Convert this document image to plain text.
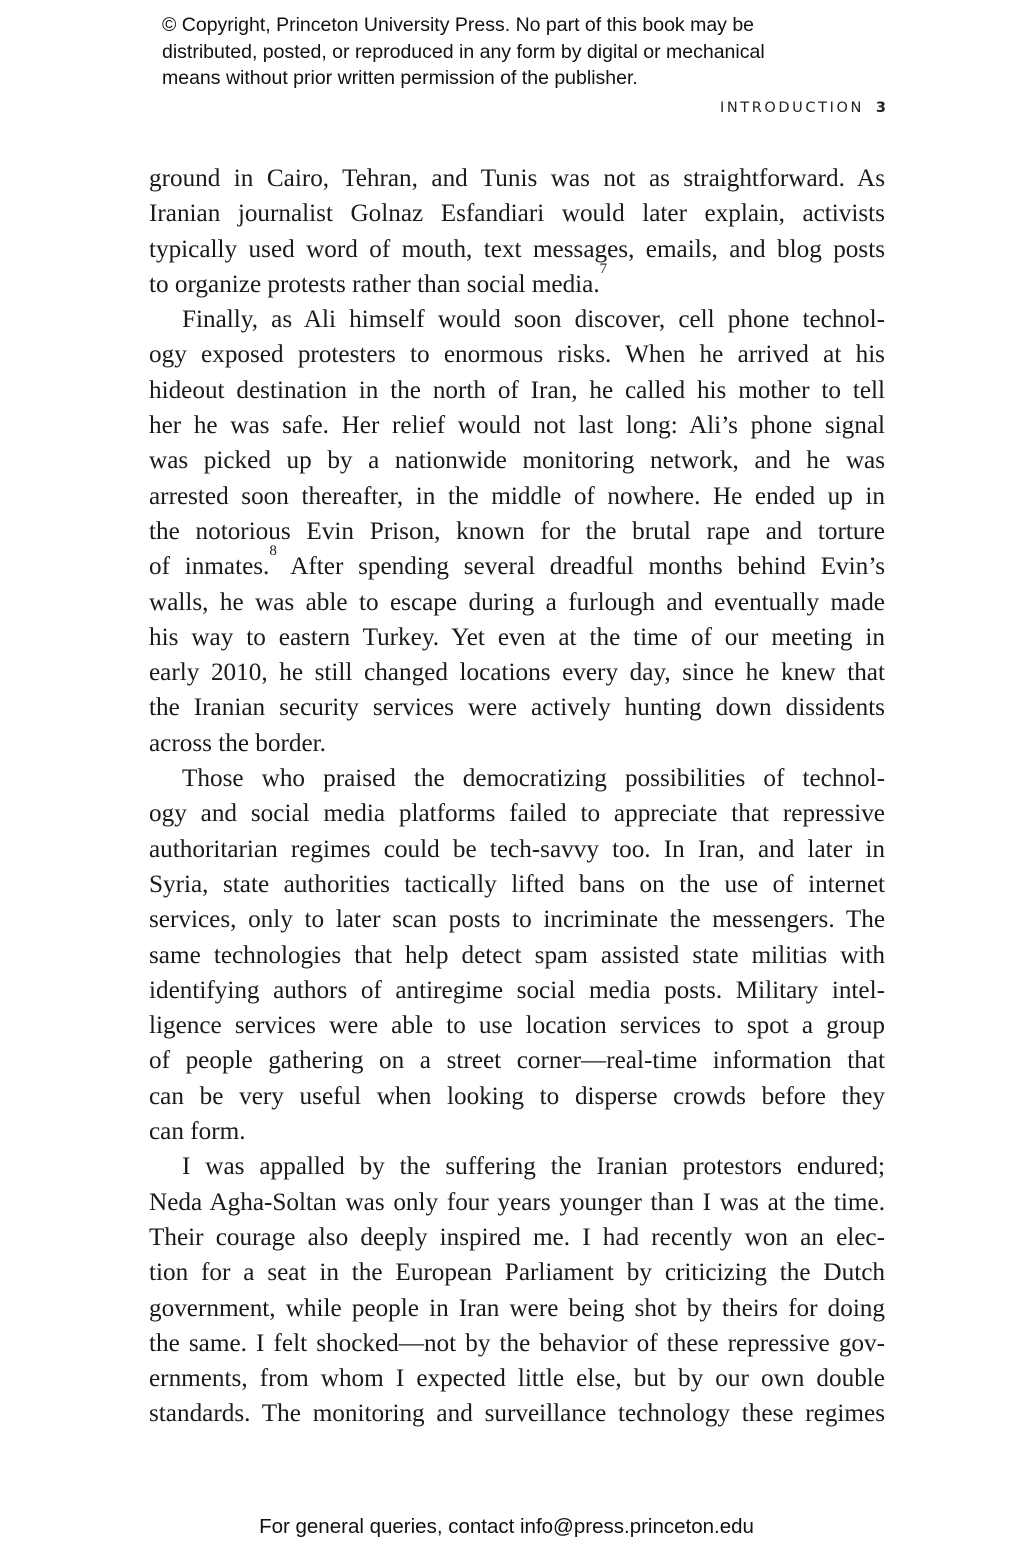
© Copyright, Princeton University Press. No part of this book may be
distributed, posted, or reproduced in any form by digital or mechanical
means without prior written permission of the publisher.
INTRODUCTION 3
ground in Cairo, Tehran, and Tunis was not as straightforward. As
Iranian journalist Golnaz Esfandiari would later explain, activists
typically used word of mouth, text messages, emails, and blog posts
to organize protests rather than social media.$^7$
Finally, as Ali himself would soon discover, cell phone technol-
ogy exposed protesters to enormous risks. When he arrived at his
hideout destination in the north of Iran, he called his mother to tell
her he was safe. Her relief would not last long: Ali’s phone signal
was picked up by a nationwide monitoring network, and he was
arrested soon thereafter, in the middle of nowhere. He ended up in
the notorious Evin Prison, known for the brutal rape and torture
of inmates.$^8$ After spending several dreadful months behind Evin’s
walls, he was able to escape during a furlough and eventually made
his way to eastern Turkey. Yet even at the time of our meeting in
early 2010, he still changed locations every day, since he knew that
the Iranian security services were actively hunting down dissidents
across the border.
Those who praised the democratizing possibilities of technol-
ogy and social media platforms failed to appreciate that repressive
authoritarian regimes could be tech-savvy too. In Iran, and later in
Syria, state authorities tactically lifted bans on the use of internet
services, only to later scan posts to incriminate the messengers. The
same technologies that help detect spam assisted state militias with
identifying authors of antiregime social media posts. Military intel-
ligence services were able to use location services to spot a group
of people gathering on a street corner—real-time information that
can be very useful when looking to disperse crowds before they
can form.
I was appalled by the suffering the Iranian protestors endured;
Neda Agha-Soltan was only four years younger than I was at the time.
Their courage also deeply inspired me. I had recently won an elec-
tion for a seat in the European Parliament by criticizing the Dutch
government, while people in Iran were being shot by theirs for doing
the same. I felt shocked—not by the behavior of these repressive gov-
ernments, from whom I expected little else, but by our own double
standards. The monitoring and surveillance technology these regimes
For general queries, contact info@press.princeton.edu
